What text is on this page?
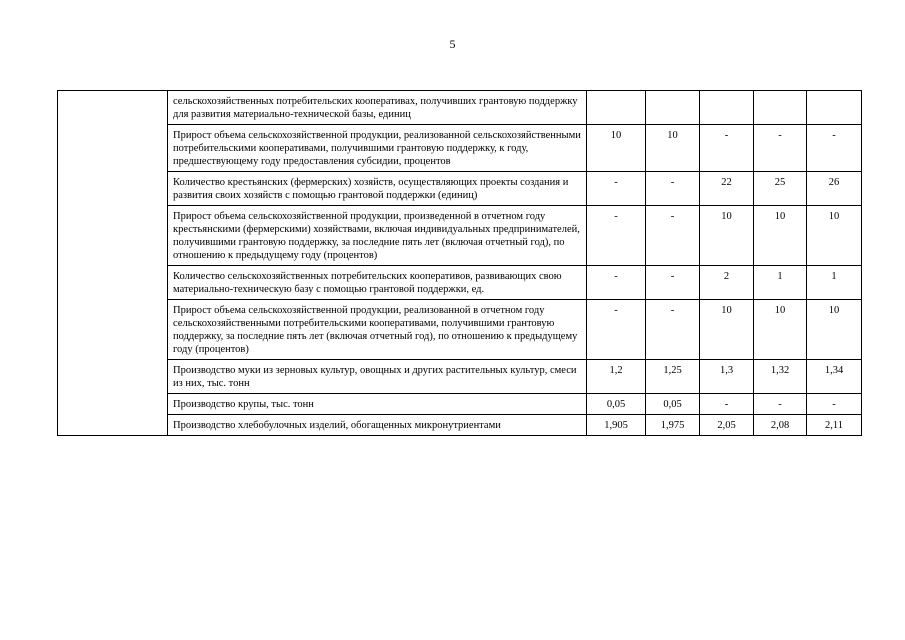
5
	сельскохозяйственных потребительских кооперативах, получивших грантовую поддержку для развития материально-технической базы, единиц					
	Прирост объема сельскохозяйственной продукции, реализованной сельскохозяйственными потребительскими кооперативами, получившими грантовую поддержку, к году, предшествующему году предоставления субсидии, процентов	10	10	-	-	-
	Количество крестьянских (фермерских) хозяйств, осуществляющих проекты создания и развития своих хозяйств с помощью грантовой поддержки (единиц)	-	-	22	25	26
	Прирост объема сельскохозяйственной продукции, произведенной в отчетном году крестьянскими (фермерскими) хозяйствами, включая индивидуальных предпринимателей, получившими грантовую поддержку, за последние пять лет (включая отчетный год), по отношению к предыдущему году (процентов)	-	-	10	10	10
	Количество сельскохозяйственных потребительских кооперативов, развивающих свою материально-техническую базу с помощью грантовой поддержки, ед.	-	-	2	1	1
	Прирост объема сельскохозяйственной продукции, реализованной в отчетном году сельскохозяйственными потребительскими кооперативами, получившими грантовую поддержку, за последние пять лет (включая отчетный год), по отношению к предыдущему году (процентов)	-	-	10	10	10
	Производство муки из зерновых культур, овощных и других растительных культур, смеси из них, тыс. тонн	1,2	1,25	1,3	1,32	1,34
	Производство крупы, тыс. тонн	0,05	0,05	-	-	-
	Производство хлебобулочных изделий, обогащенных микронутриентами	1,905	1,975	2,05	2,08	2,11
